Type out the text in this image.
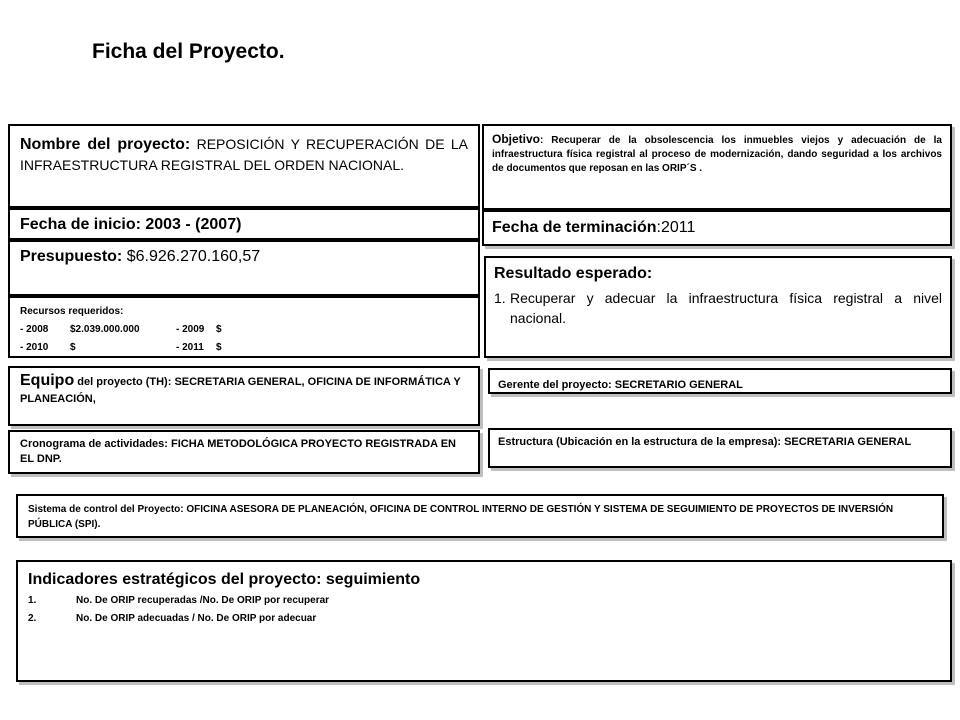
Ficha del Proyecto.
Nombre del proyecto: REPOSICIÓN Y RECUPERACIÓN DE LA INFRAESTRUCTURA REGISTRAL DEL ORDEN NACIONAL.
Objetivo: Recuperar de la obsolescencia los inmuebles viejos y adecuación de la infraestructura física registral al proceso de modernización, dando seguridad a los archivos de documentos que reposan en las ORIP´S .
Fecha de inicio: 2003 - (2007)	Fecha de terminación:2011
Presupuesto: $6.926.270.160,57
Recursos requeridos:
- 2008	$2.039.000.000	- 2009	$
- 2010	$	- 2011	$
Resultado esperado:
1. Recuperar y adecuar la infraestructura física registral a nivel nacional.
Equipo del proyecto (TH): SECRETARIA GENERAL, OFICINA DE INFORMÁTICA Y PLANEACIÓN,
Gerente del proyecto: SECRETARIO GENERAL
Cronograma de actividades: FICHA METODOLÓGICA PROYECTO REGISTRADA EN EL DNP.
Estructura (Ubicación en la estructura de la empresa): SECRETARIA GENERAL
Sistema de control del Proyecto: OFICINA ASESORA DE PLANEACIÓN, OFICINA DE CONTROL INTERNO DE GESTIÓN Y SISTEMA DE SEGUIMIENTO DE PROYECTOS DE INVERSIÓN PÚBLICA (SPI).
Indicadores estratégicos del proyecto: seguimiento
1.	No. De ORIP recuperadas /No. De ORIP por recuperar
2.	No. De ORIP adecuadas / No. De ORIP por adecuar
